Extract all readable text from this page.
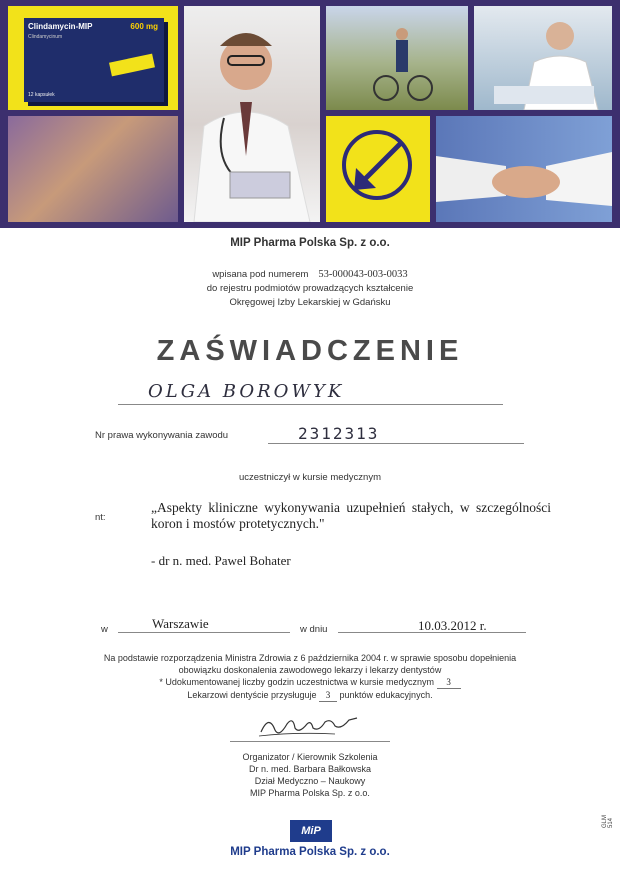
Clindamycin-MIP	600 mg
Clindamycinum
12 kapsułek
MIP Pharma Polska Sp. z o.o.
wpisana pod numerem 53-000043-003-0033
do rejestru podmiotów prowadzących kształcenie
Okręgowej Izby Lekarskiej w Gdańsku
ZAŚWIADCZENIE
OLGA BOROWYK
Nr prawa wykonywania zawodu	2312313
uczestniczył w kursie medycznym
nt:
„Aspekty kliniczne wykonywania uzupełnień stałych, w szczególności koron i mostów protetycznych."
- dr n. med. Pawel Bohater
w	Warszawie	w dniu	10.03.2012 r.
Na podstawie rozporządzenia Ministra Zdrowia z 6 października 2004 r. w sprawie sposobu dopełnienia
obowiązku doskonalenia zawodowego lekarzy i lekarzy dentystów
* Udokumentowanej liczby godzin uczestnictwa w kursie medycznym 3
Lekarzowi dentyście przysługuje 3 punktów edukacyjnych.
Organizator / Kierownik Szkolenia
Dr n. med. Barbara Bałkowska
Dział Medyczno – Naukowy
MIP Pharma Polska Sp. z o.o.
MiP
MIP Pharma Polska Sp. z o.o.
GLM 514
